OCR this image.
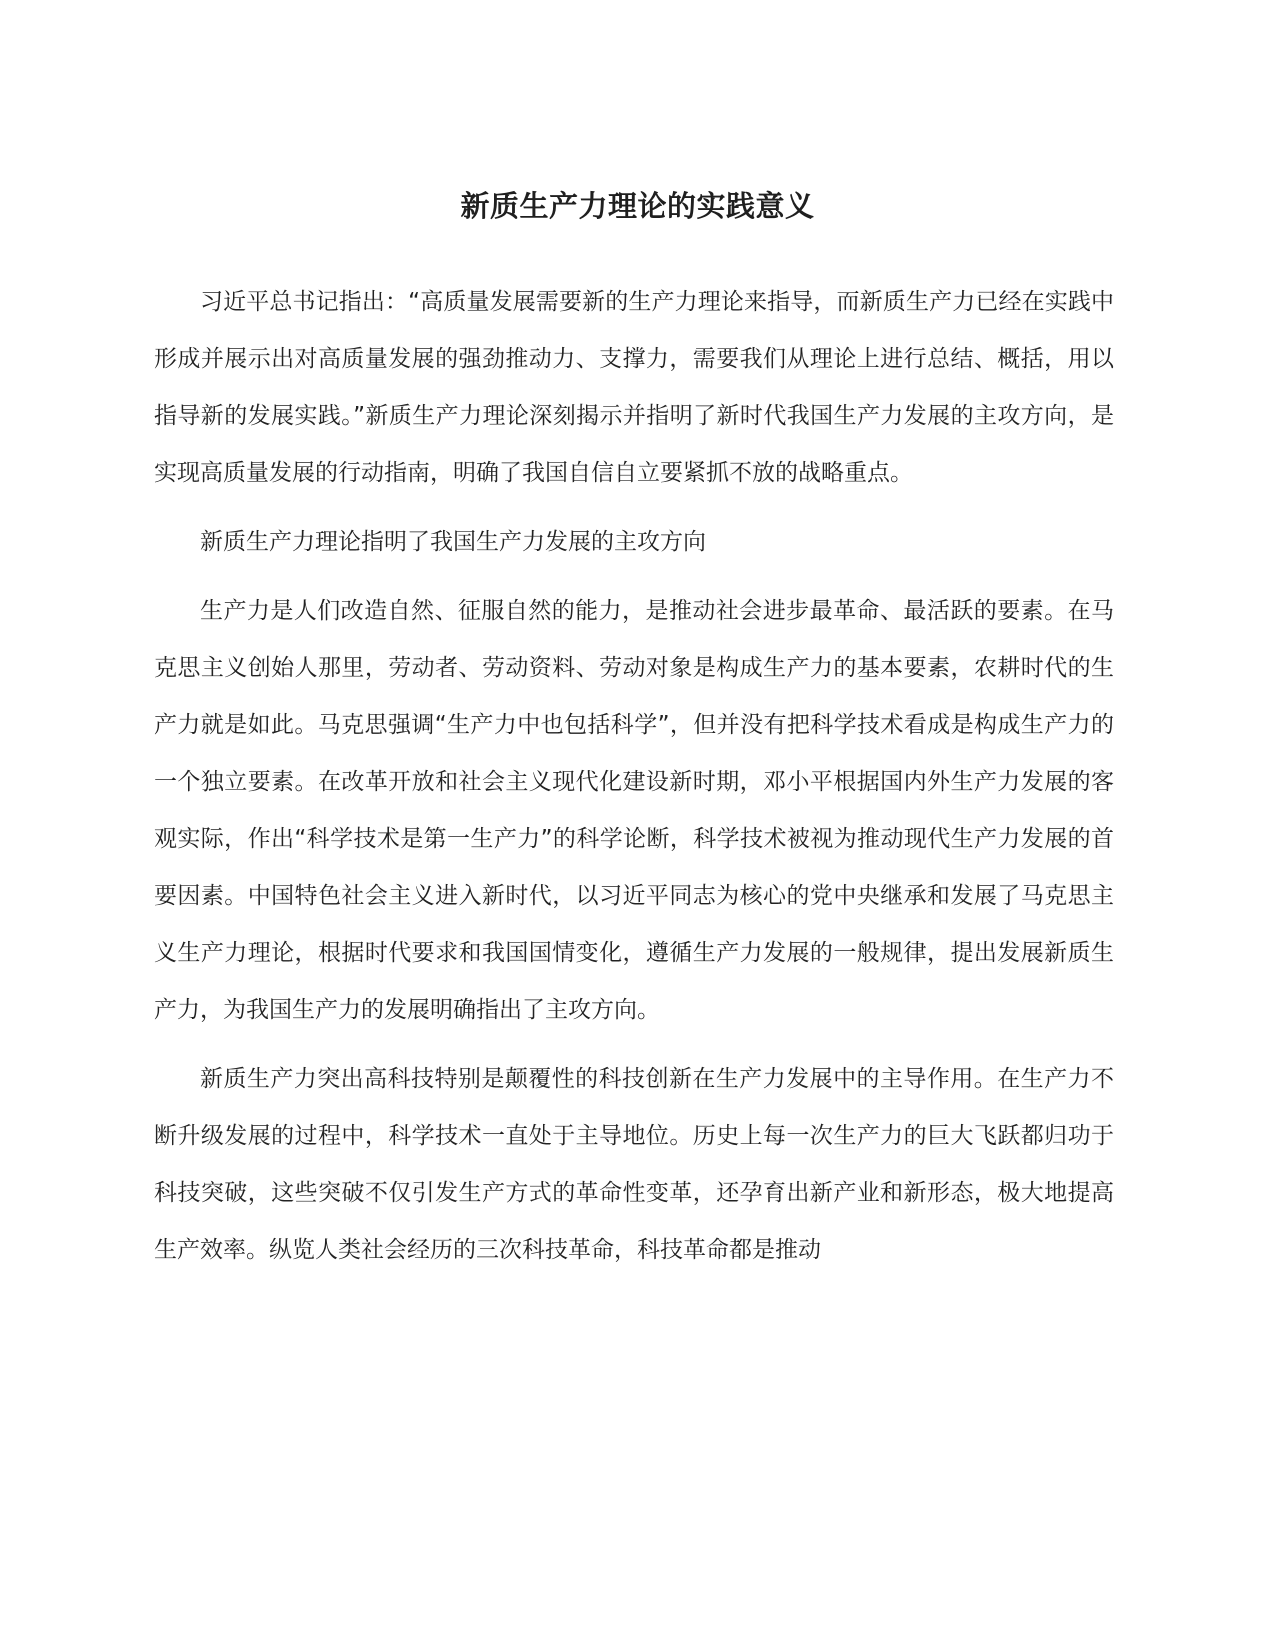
新质生产力理论的实践意义

习近平总书记指出：“高质量发展需要新的生产力理论来指导，而新质生产力已经在实践中形成并展示出对高质量发展的强劲推动力、支撑力，需要我们从理论上进行总结、概括，用以指导新的发展实践。”新质生产力理论深刻揭示并指明了新时代我国生产力发展的主攻方向，是实现高质量发展的行动指南，明确了我国自信自立要紧抓不放的战略重点。

新质生产力理论指明了我国生产力发展的主攻方向

生产力是人们改造自然、征服自然的能力，是推动社会进步最革命、最活跃的要素。在马克思主义创始人那里，劳动者、劳动资料、劳动对象是构成生产力的基本要素，农耕时代的生产力就是如此。马克思强调“生产力中也包括科学”，但并没有把科学技术看成是构成生产力的一个独立要素。在改革开放和社会主义现代化建设新时期，邓小平根据国内外生产力发展的客观实际，作出“科学技术是第一生产力”的科学论断，科学技术被视为推动现代生产力发展的首要因素。中国特色社会主义进入新时代，以习近平同志为核心的党中央继承和发展了马克思主义生产力理论，根据时代要求和我国国情变化，遵循生产力发展的一般规律，提出发展新质生产力，为我国生产力的发展明确指出了主攻方向。

新质生产力突出高科技特别是颠覆性的科技创新在生产力发展中的主导作用。在生产力不断升级发展的过程中，科学技术一直处于主导地位。历史上每一次生产力的巨大飞跃都归功于科技突破，这些突破不仅引发生产方式的革命性变革，还孕育出新产业和新形态，极大地提高生产效率。纵览人类社会经历的三次科技革命，科技革命都是推动
